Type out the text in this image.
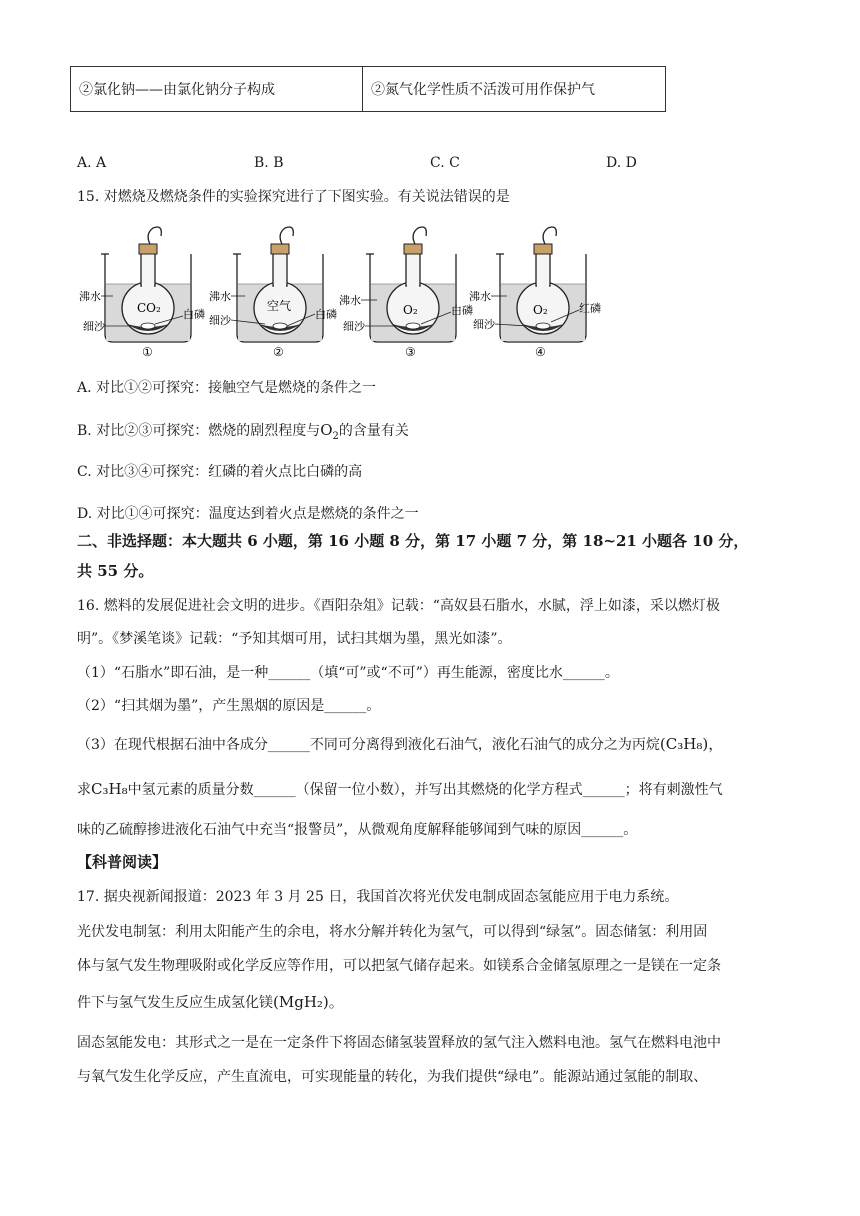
②氯化钠——由氯化钠分子构成	②氮气化学性质不活泼可用作保护气
A. A	B. B	C. C	D. D
15. 对燃烧及燃烧条件的实验探究进行了下图实验。有关说法错误的是
沸水
CO₂
细沙
白磷
①
沸水
空气
细沙	白磷
②
沸水
O₂
细沙
白磷
③
沸水
O₂
细沙
红磷
④
A. 对比①②可探究：接触空气是燃烧的条件之一
B. 对比②③可探究：燃烧的剧烈程度与$O_2$的含量有关
C. 对比③④可探究：红磷的着火点比白磷的高
D. 对比①④可探究：温度达到着火点是燃烧的条件之一
二、非选择题：本大题共 6 小题，第 16 小题 8 分，第 17 小题 7 分，第 18~21 小题各 10 分，
共 55 分。
16. 燃料的发展促进社会文明的进步。《酉阳杂俎》记载：“高奴县石脂水，水腻，浮上如漆，采以燃灯极
明”。《梦溪笔谈》记载：“予知其烟可用，试扫其烟为墨，黑光如漆”。
（1）“石脂水”即石油，是一种______（填“可”或“不可”）再生能源，密度比水______。
（2）“扫其烟为墨”，产生黑烟的原因是______。
（3）在现代根据石油中各成分______不同可分离得到液化石油气，液化石油气的成分之为丙烷(C₃H₈)，
求C₃H₈中氢元素的质量分数______（保留一位小数），并写出其燃烧的化学方程式______；将有刺激性气
味的乙硫醇掺进液化石油气中充当“报警员”，从微观角度解释能够闻到气味的原因______。
【科普阅读】
17. 据央视新闻报道：2023 年 3 月 25 日，我国首次将光伏发电制成固态氢能应用于电力系统。
光伏发电制氢：利用太阳能产生的余电，将水分解并转化为氢气，可以得到“绿氢”。固态储氢：利用固
体与氢气发生物理吸附或化学反应等作用，可以把氢气储存起来。如镁系合金储氢原理之一是镁在一定条
件下与氢气发生反应生成氢化镁(MgH₂)。
固态氢能发电：其形式之一是在一定条件下将固态储氢装置释放的氢气注入燃料电池。氢气在燃料电池中
与氧气发生化学反应，产生直流电，可实现能量的转化，为我们提供“绿电”。能源站通过氢能的制取、
